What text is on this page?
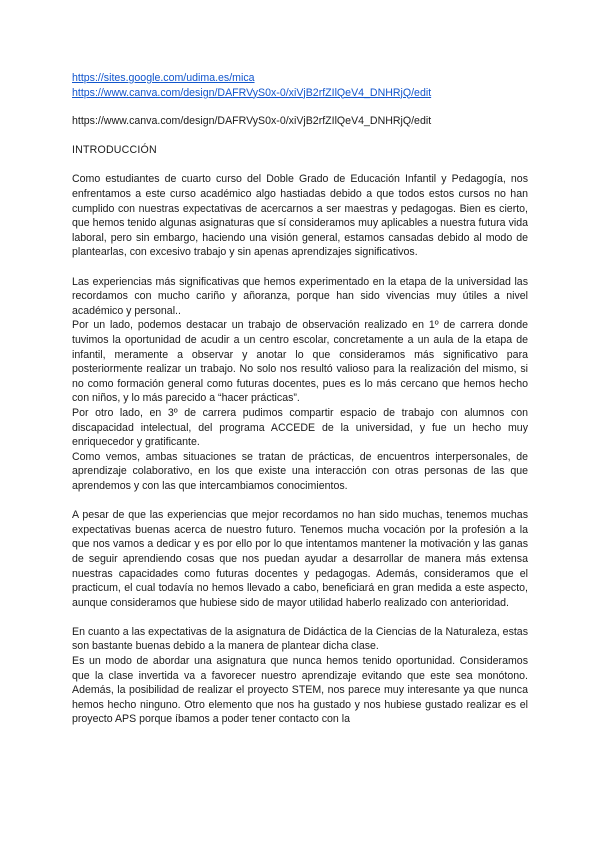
https://sites.google.com/udima.es/mica
https://www.canva.com/design/DAFRVyS0x-0/xiVjB2rfZIlQeV4_DNHRjQ/edit
https://www.canva.com/design/DAFRVyS0x-0/xiVjB2rfZIlQeV4_DNHRjQ/edit
INTRODUCCIÓN

Como estudiantes de cuarto curso del Doble Grado de Educación Infantil y Pedagogía, nos enfrentamos a este curso académico algo hastiadas debido a que todos estos cursos no han cumplido con nuestras expectativas de acercarnos a ser maestras y pedagogas. Bien es cierto, que hemos tenido algunas asignaturas que sí consideramos muy aplicables a nuestra futura vida laboral, pero sin embargo, haciendo una visión general, estamos cansadas debido al modo de plantearlas, con excesivo trabajo y sin apenas aprendizajes significativos.

Las experiencias más significativas que hemos experimentado en la etapa de la universidad las recordamos con mucho cariño y añoranza, porque han sido vivencias muy útiles a nivel académico y personal..

Por un lado, podemos destacar un trabajo de observación realizado en 1º de carrera donde tuvimos la oportunidad de acudir a un centro escolar, concretamente a un aula de la etapa de infantil, meramente a observar y anotar lo que consideramos más significativo para posteriormente realizar un trabajo. No solo nos resultó valioso para la realización del mismo, si no como formación general como futuras docentes, pues es lo más cercano que hemos hecho con niños, y lo más parecido a “hacer prácticas”.

Por otro lado, en 3º de carrera pudimos compartir espacio de trabajo con alumnos con discapacidad intelectual, del programa ACCEDE de la universidad, y fue un hecho muy enriquecedor y gratificante.

Como vemos, ambas situaciones se tratan de prácticas, de encuentros interpersonales, de aprendizaje colaborativo, en los que existe una interacción con otras personas de las que aprendemos y con las que intercambiamos conocimientos.

A pesar de que las experiencias que mejor recordamos no han sido muchas, tenemos muchas expectativas buenas acerca de nuestro futuro. Tenemos mucha vocación por la profesión a la que nos vamos a dedicar y es por ello por lo que intentamos mantener la motivación y las ganas de seguir aprendiendo cosas que nos puedan ayudar a desarrollar de manera más extensa nuestras capacidades como futuras docentes y pedagogas. Además, consideramos que el practicum, el cual todavía no hemos llevado a cabo, beneficiará en gran medida a este aspecto, aunque consideramos que hubiese sido de mayor utilidad haberlo realizado con anterioridad.

En cuanto a las expectativas de la asignatura de Didáctica de la Ciencias de la Naturaleza, estas son bastante buenas debido a la manera de plantear dicha clase.

Es un modo de abordar una asignatura que nunca hemos tenido oportunidad. Consideramos que la clase invertida va a favorecer nuestro aprendizaje evitando que este sea monótono. Además, la posibilidad de realizar el proyecto STEM, nos parece muy interesante ya que nunca hemos hecho ninguno. Otro elemento que nos ha gustado y nos hubiese gustado realizar es el proyecto APS porque íbamos a poder tener contacto con la
